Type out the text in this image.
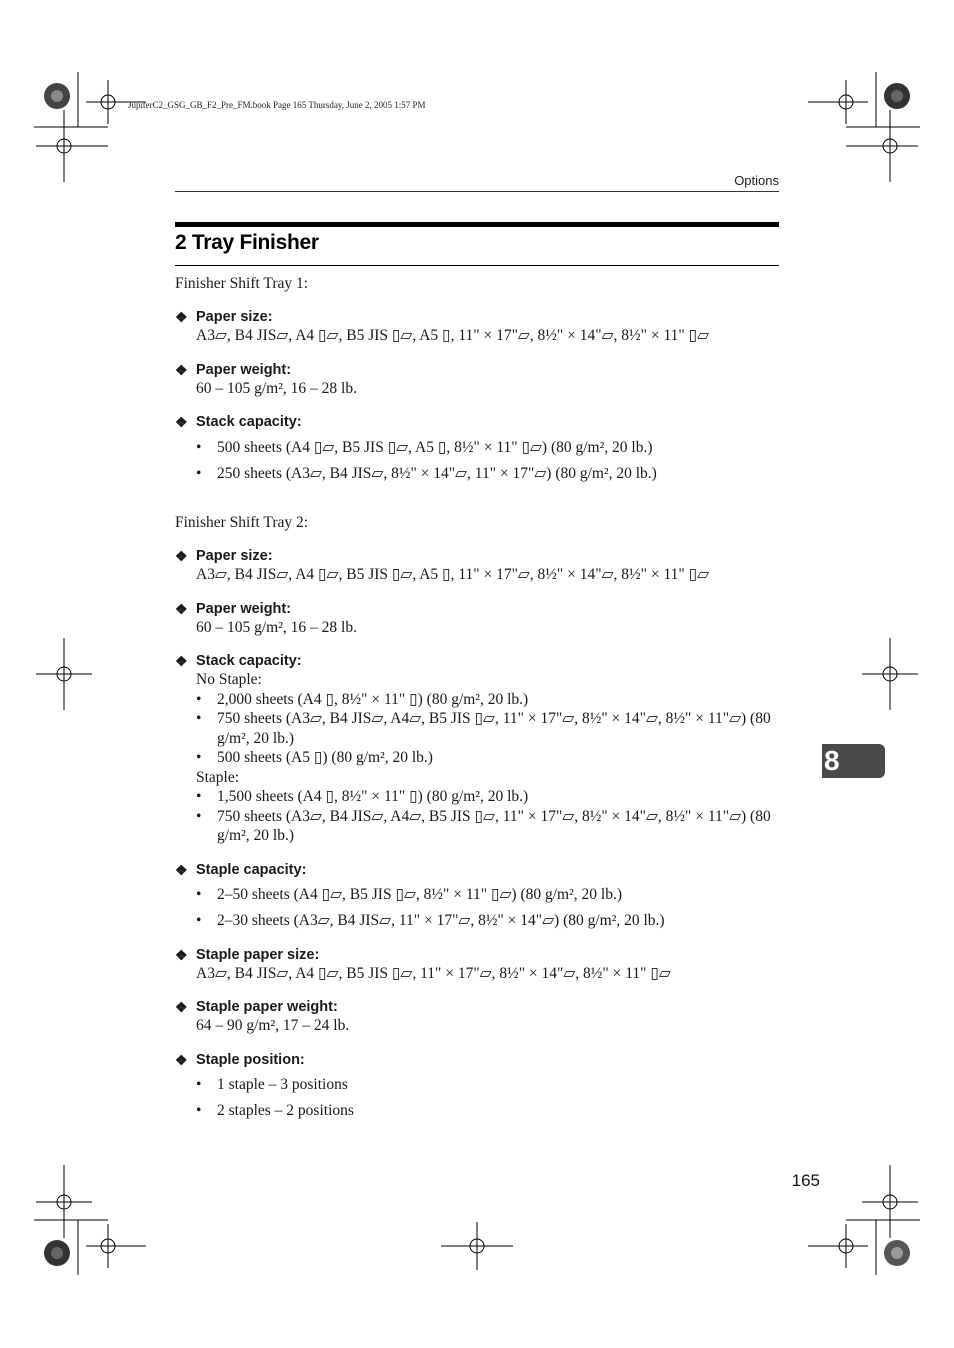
JupiterC2_GSG_GB_F2_Pre_FM.book Page 165 Thursday, June 2, 2005 1:57 PM
Options
2 Tray Finisher
Finisher Shift Tray 1:
❖ Paper size:
A3▱, B4 JIS▱, A4 ▯▱, B5 JIS ▯▱, A5 ▯, 11" × 17"▱, 8½" × 14"▱, 8½" × 11" ▯▱
❖ Paper weight:
60 – 105 g/m², 16 – 28 lb.
❖ Stack capacity:
• 500 sheets (A4 ▯▱, B5 JIS ▯▱, A5 ▯, 8½" × 11" ▯▱) (80 g/m², 20 lb.)
• 250 sheets (A3▱, B4 JIS▱, 8½" × 14"▱, 11" × 17"▱) (80 g/m², 20 lb.)
Finisher Shift Tray 2:
❖ Paper size:
A3▱, B4 JIS▱, A4 ▯▱, B5 JIS ▯▱, A5 ▯, 11" × 17"▱, 8½" × 14"▱, 8½" × 11" ▯▱
❖ Paper weight:
60 – 105 g/m², 16 – 28 lb.
❖ Stack capacity:
No Staple:
• 2,000 sheets (A4 ▯, 8½" × 11" ▯) (80 g/m², 20 lb.)
• 750 sheets (A3▱, B4 JIS▱, A4▱, B5 JIS ▯▱, 11" × 17"▱, 8½" × 14"▱, 8½" × 11"▱) (80 g/m², 20 lb.)
• 500 sheets (A5 ▯) (80 g/m², 20 lb.)
Staple:
• 1,500 sheets (A4 ▯, 8½" × 11" ▯) (80 g/m², 20 lb.)
• 750 sheets (A3▱, B4 JIS▱, A4▱, B5 JIS ▯▱, 11" × 17"▱, 8½" × 14"▱, 8½" × 11"▱) (80 g/m², 20 lb.)
❖ Staple capacity:
• 2–50 sheets (A4 ▯▱, B5 JIS ▯▱, 8½" × 11" ▯▱) (80 g/m², 20 lb.)
• 2–30 sheets (A3▱, B4 JIS▱, 11" × 17"▱, 8½" × 14"▱) (80 g/m², 20 lb.)
❖ Staple paper size:
A3▱, B4 JIS▱, A4 ▯▱, B5 JIS ▯▱, 11" × 17"▱, 8½" × 14"▱, 8½" × 11" ▯▱
❖ Staple paper weight:
64 – 90 g/m², 17 – 24 lb.
❖ Staple position:
• 1 staple – 3 positions
• 2 staples – 2 positions
8
165
